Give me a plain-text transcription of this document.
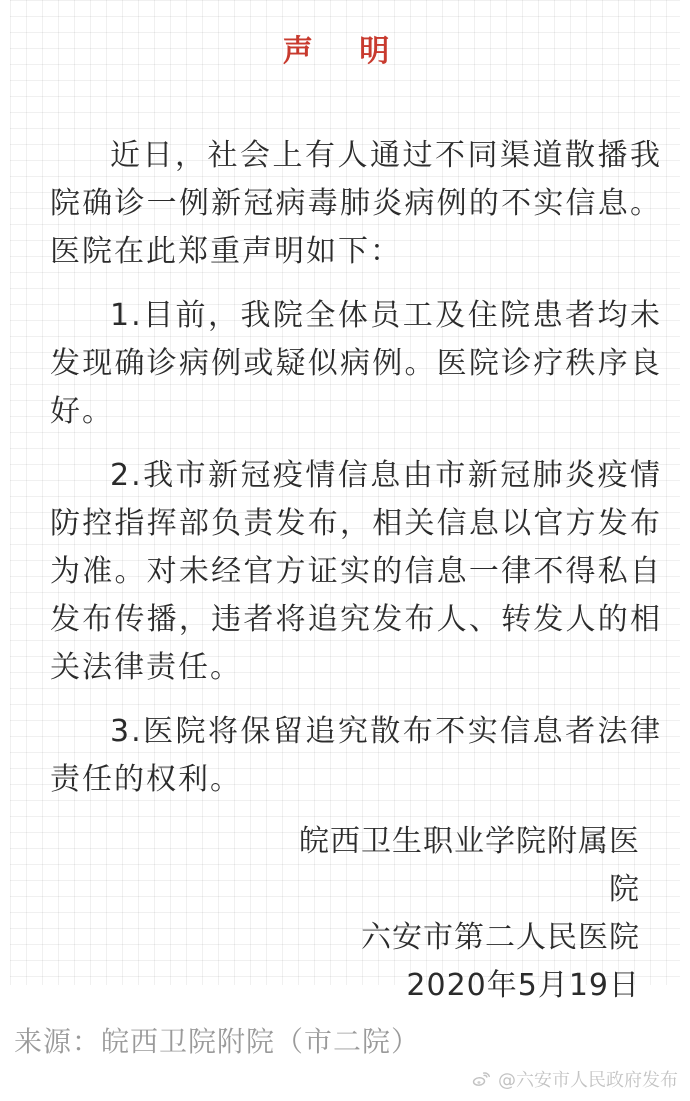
声 明

近日，社会上有人通过不同渠道散播我院确诊一例新冠病毒肺炎病例的不实信息。医院在此郑重声明如下：

1.目前，我院全体员工及住院患者均未发现确诊病例或疑似病例。医院诊疗秩序良好。

2.我市新冠疫情信息由市新冠肺炎疫情防控指挥部负责发布，相关信息以官方发布为准。对未经官方证实的信息一律不得私自发布传播，违者将追究发布人、转发人的相关法律责任。

3.医院将保留追究散布不实信息者法律责任的权利。

皖西卫生职业学院附属医院
六安市第二人民医院
2020年5月19日
来源：皖西卫院附院（市二院）
@六安市人民政府发布
